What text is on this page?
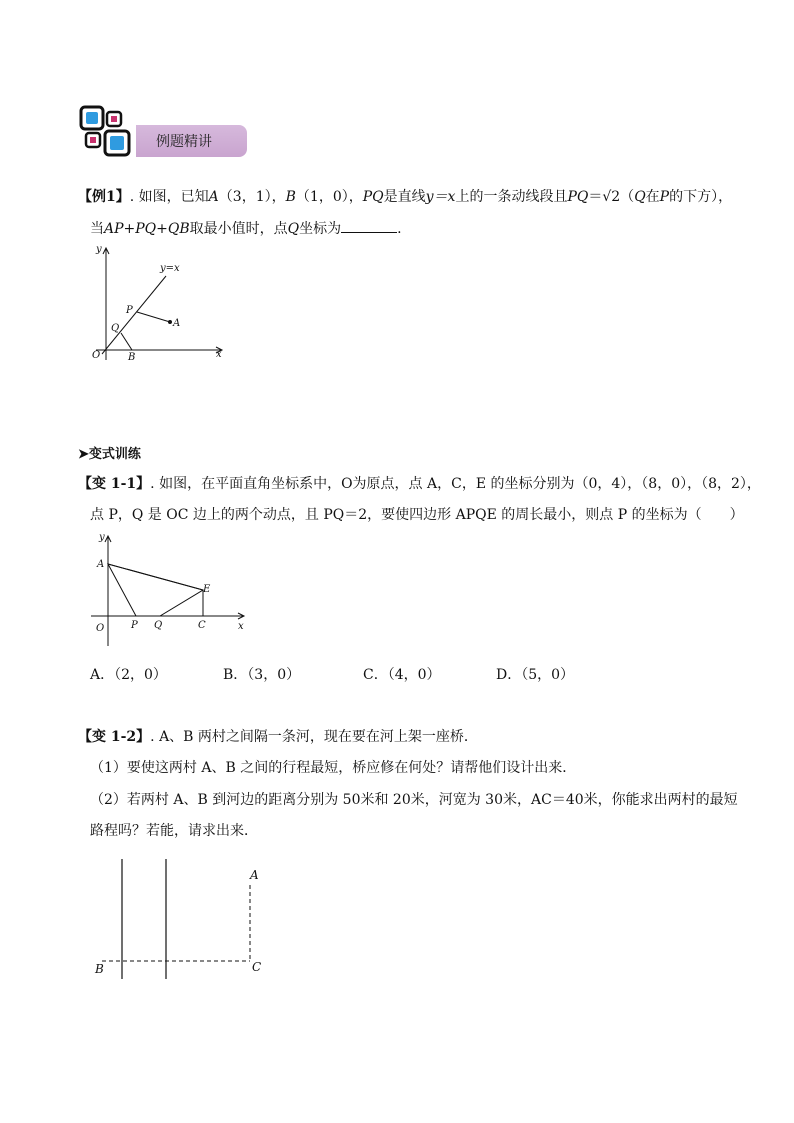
例题精讲
【例1】. 如图，已知A（3，1），B（1，0），PQ是直线y＝x上的一条动线段且PQ＝√2（Q在P的下方），
当AP+PQ+QB取最小值时，点Q坐标为	.
y
y=x
P
A
Q
O	B	x
➤变式训练
【变 1-1】. 如图，在平面直角坐标系中，O为原点，点 A，C，E 的坐标分别为（0，4），（8，0），（8，2），
点 P，Q 是 OC 边上的两个动点，且 PQ＝2，要使四边形 APQE 的周长最小，则点 P 的坐标为（　　）
y
A
E
O	P Q	C	x
A．（2，0）	B．（3，0）	C．（4，0）	D．（5，0）
【变 1-2】. A、B 两村之间隔一条河，现在要在河上架一座桥．
（1）要使这两村 A、B 之间的行程最短，桥应修在何处？请帮他们设计出来．
（2）若两村 A、B 到河边的距离分别为 50米和 20米，河宽为 30米，AC＝40米，你能求出两村的最短
路程吗？若能，请求出来．
A
B	C
